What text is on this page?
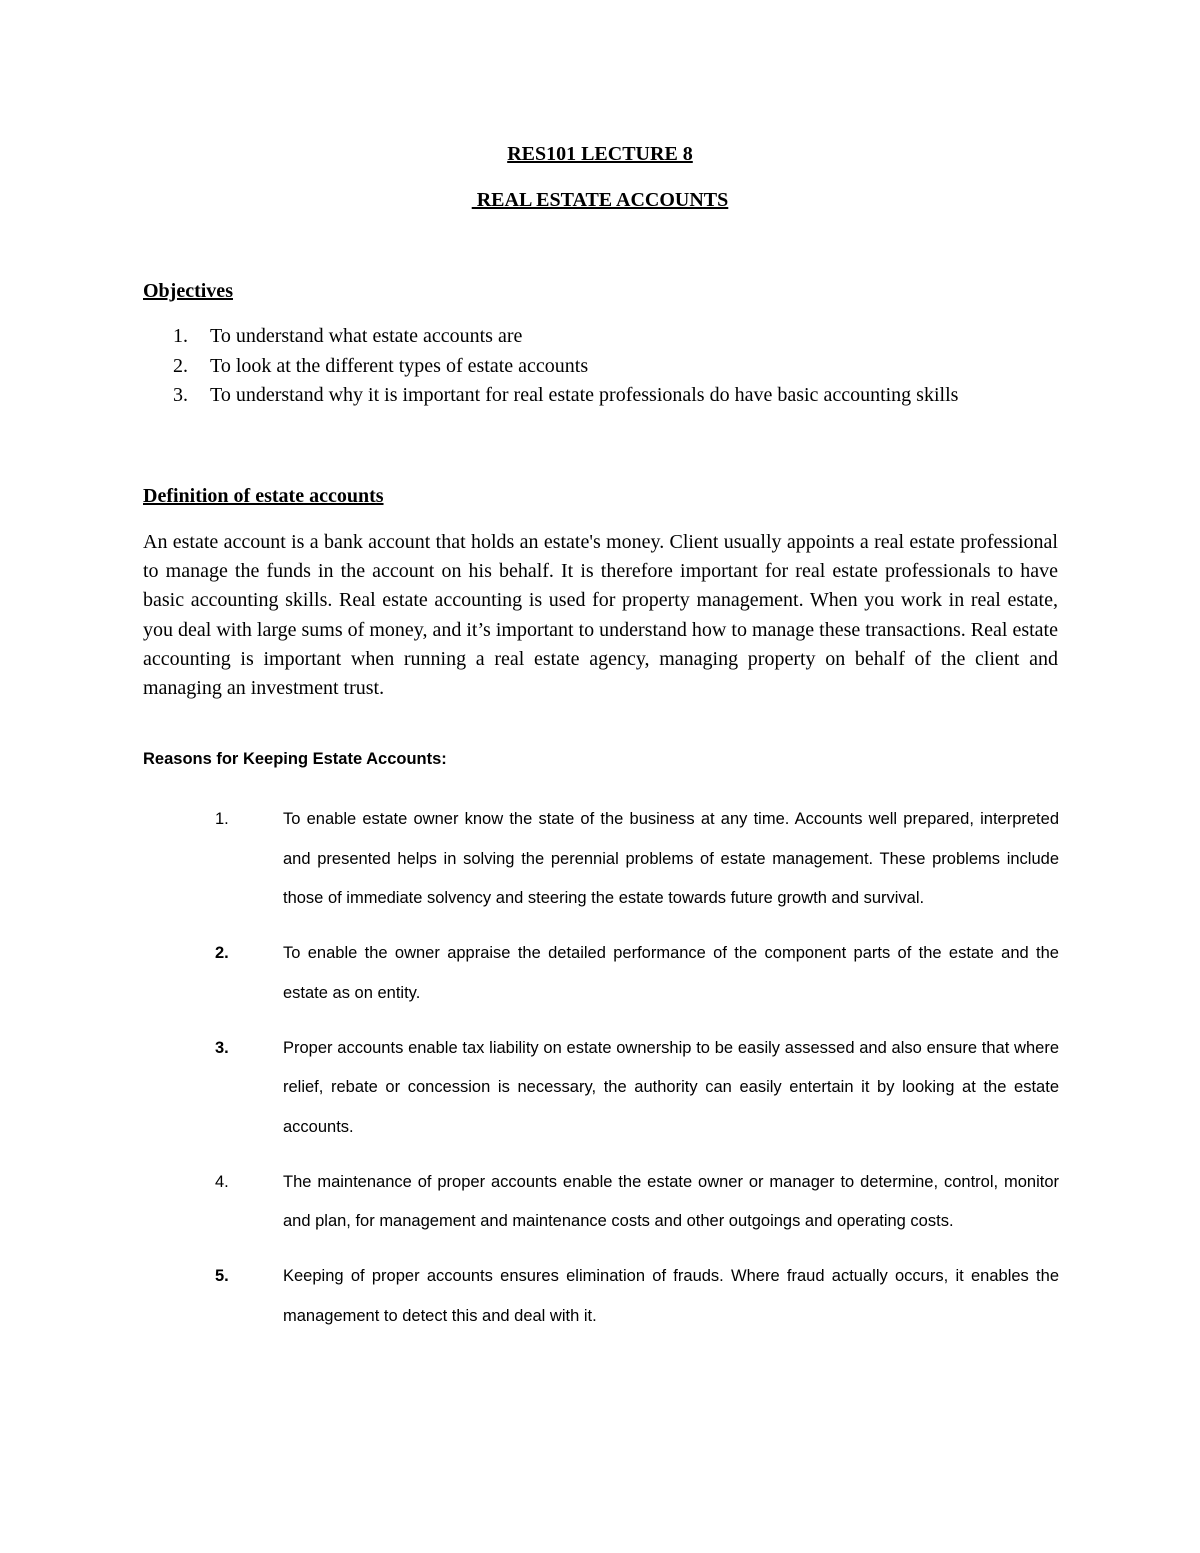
RES101 LECTURE 8
REAL ESTATE ACCOUNTS
Objectives
1.	To understand what estate accounts are
2.	To look at the different types of estate accounts
3.	To understand why it is important for real estate professionals do have basic accounting skills
Definition of estate accounts

An estate account is a bank account that holds an estate's money. Client usually appoints a real estate professional to manage the funds in the account on his behalf. It is therefore important for real estate professionals to have basic accounting skills. Real estate accounting is used for property management. When you work in real estate, you deal with large sums of money, and it’s important to understand how to manage these transactions. Real estate accounting is important when running a real estate agency, managing property on behalf of the client and managing an investment trust.

Reasons for Keeping Estate Accounts:
1.	To enable estate owner know the state of the business at any time. Accounts well prepared, interpreted and presented helps in solving the perennial problems of estate management. These problems include those of immediate solvency and steering the estate towards future growth and survival.
2.	To enable the owner appraise the detailed performance of the component parts of the estate and the estate as on entity.
3.	Proper accounts enable tax liability on estate ownership to be easily assessed and also ensure that where relief, rebate or concession is necessary, the authority can easily entertain it by looking at the estate accounts.
4.	The maintenance of proper accounts enable the estate owner or manager to determine, control, monitor and plan, for management and maintenance costs and other outgoings and operating costs.
5.	Keeping of proper accounts ensures elimination of frauds. Where fraud actually occurs, it enables the management to detect this and deal with it.
